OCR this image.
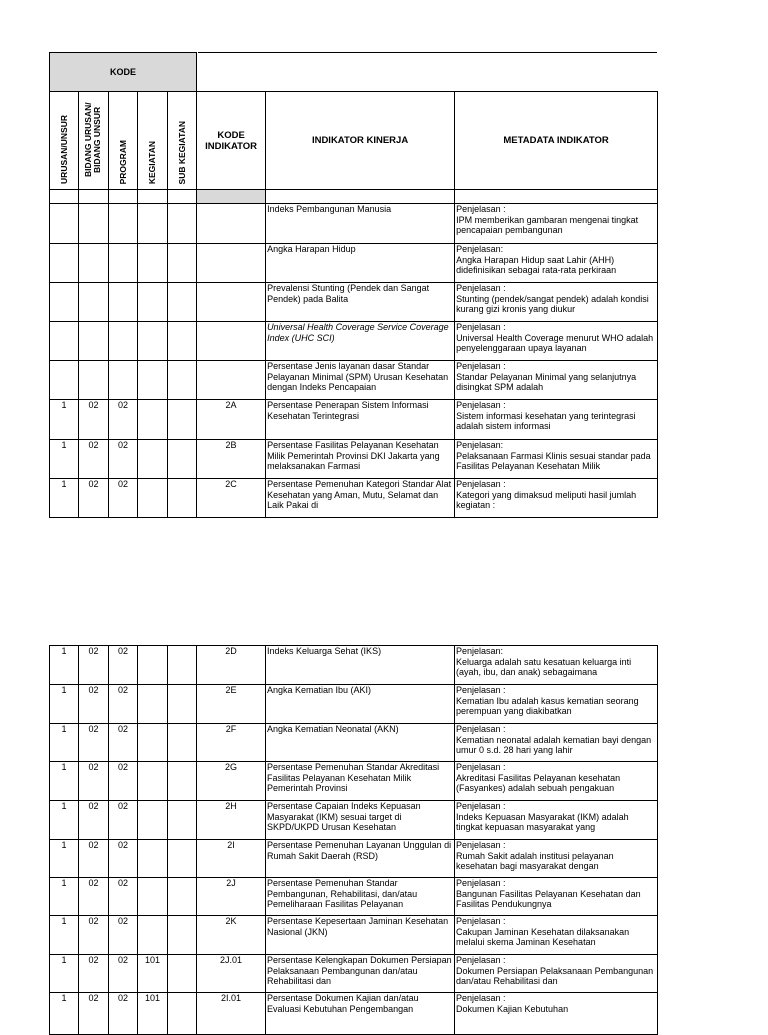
KODE							
URUSAN/UNSUR	BIDANG URUSAN/ BIDANG UNSUR	PROGRAM	KEGIATAN	SUB KEGIATAN	KODE INDIKATOR	INDIKATOR KINERJA	METADATA INDIKATOR

						Indeks Pembangunan Manusia	Penjelasan :
IPM memberikan gambaran mengenai tingkat pencapaian pembangunan

						Angka Harapan Hidup	Penjelasan:
Angka Harapan Hidup saat Lahir (AHH) didefinisikan sebagai rata-rata perkiraan

						Prevalensi Stunting (Pendek dan Sangat Pendek) pada Balita	Penjelasan :
Stunting (pendek/sangat pendek) adalah kondisi kurang gizi kronis yang diukur

						Universal Health Coverage Service Coverage
Index (UHC SCI)	Penjelasan :
Universal Health Coverage menurut WHO adalah penyelenggaraan upaya layanan

						Persentase Jenis layanan dasar Standar Pelayanan Minimal (SPM) Urusan Kesehatan dengan Indeks Pencapaian	Penjelasan :
Standar Pelayanan Minimal yang selanjutnya disingkat SPM adalah

1	02	02			2A	Persentase Penerapan Sistem Informasi Kesehatan Terintegrasi	Penjelasan :
Sistem informasi kesehatan yang terintegrasi adalah sistem informasi

1	02	02			2B	Persentase Fasilitas Pelayanan Kesehatan Milik Pemerintah Provinsi DKI Jakarta yang melaksanakan Farmasi	Penjelasan:
Pelaksanaan Farmasi Klinis sesuai standar pada Fasilitas Pelayanan Kesehatan Milik

1	02	02			2C	Persentase Pemenuhan Kategori Standar Alat Kesehatan yang Aman, Mutu, Selamat dan Laik Pakai di	Penjelasan :
Kategori yang dimaksud meliputi hasil jumlah kegiatan :
1	02	02			2D	Indeks Keluarga Sehat (IKS)	Penjelasan:
Keluarga adalah satu kesatuan keluarga inti (ayah, ibu, dan anak) sebagaimana

1	02	02			2E	Angka Kematian Ibu (AKI)	Penjelasan :
Kematian Ibu adalah kasus kematian seorang perempuan yang diakibatkan

1	02	02			2F	Angka Kematian Neonatal (AKN)	Penjelasan :
Kematian neonatal adalah kematian bayi dengan umur 0 s.d. 28 hari yang lahir

1	02	02			2G	Persentase Pemenuhan Standar Akreditasi Fasilitas Pelayanan Kesehatan Milik Pemerintah Provinsi	Penjelasan :
Akreditasi Fasilitas Pelayanan kesehatan (Fasyankes) adalah sebuah pengakuan

1	02	02			2H	Persentase Capaian Indeks Kepuasan Masyarakat (IKM) sesuai target di SKPD/UKPD Urusan Kesehatan	Penjelasan :
Indeks Kepuasan Masyarakat (IKM) adalah tingkat kepuasan masyarakat yang

1	02	02			2I	Persentase Pemenuhan Layanan Unggulan di Rumah Sakit Daerah (RSD)	Penjelasan :
Rumah Sakit adalah institusi pelayanan kesehatan bagi masyarakat dengan

1	02	02			2J	Persentase Pemenuhan Standar Pembangunan, Rehabilitasi, dan/atau Pemeliharaan Fasilitas Pelayanan	Penjelasan :
Bangunan Fasilitas Pelayanan Kesehatan dan Fasilitas Pendukungnya

1	02	02			2K	Persentase Kepesertaan Jaminan Kesehatan Nasional (JKN)	Penjelasan :
Cakupan Jaminan Kesehatan dilaksanakan melalui skema Jaminan Kesehatan

1	02	02	101		2J.01	Persentase Kelengkapan Dokumen Persiapan Pelaksanaan Pembangunan dan/atau Rehabilitasi dan	Penjelasan :
Dokumen Persiapan Pelaksanaan Pembangunan dan/atau Rehabilitasi dan

1	02	02	101		2I.01	Persentase Dokumen Kajian dan/atau Evaluasi Kebutuhan Pengembangan	Penjelasan :
Dokumen Kajian Kebutuhan
